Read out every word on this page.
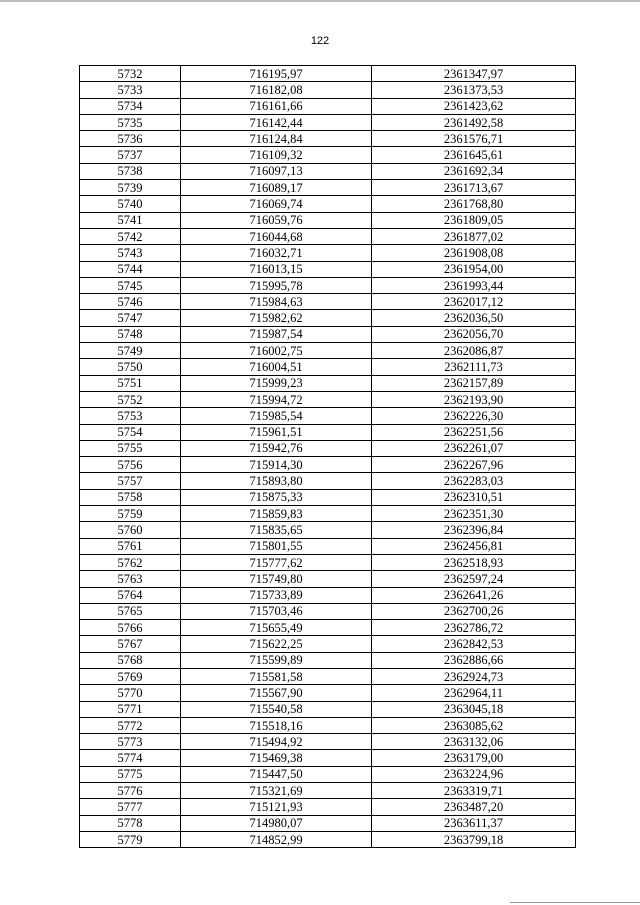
122
5732	716195,97	2361347,97
5733	716182,08	2361373,53
5734	716161,66	2361423,62
5735	716142,44	2361492,58
5736	716124,84	2361576,71
5737	716109,32	2361645,61
5738	716097,13	2361692,34
5739	716089,17	2361713,67
5740	716069,74	2361768,80
5741	716059,76	2361809,05
5742	716044,68	2361877,02
5743	716032,71	2361908,08
5744	716013,15	2361954,00
5745	715995,78	2361993,44
5746	715984,63	2362017,12
5747	715982,62	2362036,50
5748	715987,54	2362056,70
5749	716002,75	2362086,87
5750	716004,51	2362111,73
5751	715999,23	2362157,89
5752	715994,72	2362193,90
5753	715985,54	2362226,30
5754	715961,51	2362251,56
5755	715942,76	2362261,07
5756	715914,30	2362267,96
5757	715893,80	2362283,03
5758	715875,33	2362310,51
5759	715859,83	2362351,30
5760	715835,65	2362396,84
5761	715801,55	2362456,81
5762	715777,62	2362518,93
5763	715749,80	2362597,24
5764	715733,89	2362641,26
5765	715703,46	2362700,26
5766	715655,49	2362786,72
5767	715622,25	2362842,53
5768	715599,89	2362886,66
5769	715581,58	2362924,73
5770	715567,90	2362964,11
5771	715540,58	2363045,18
5772	715518,16	2363085,62
5773	715494,92	2363132,06
5774	715469,38	2363179,00
5775	715447,50	2363224,96
5776	715321,69	2363319,71
5777	715121,93	2363487,20
5778	714980,07	2363611,37
5779	714852,99	2363799,18
